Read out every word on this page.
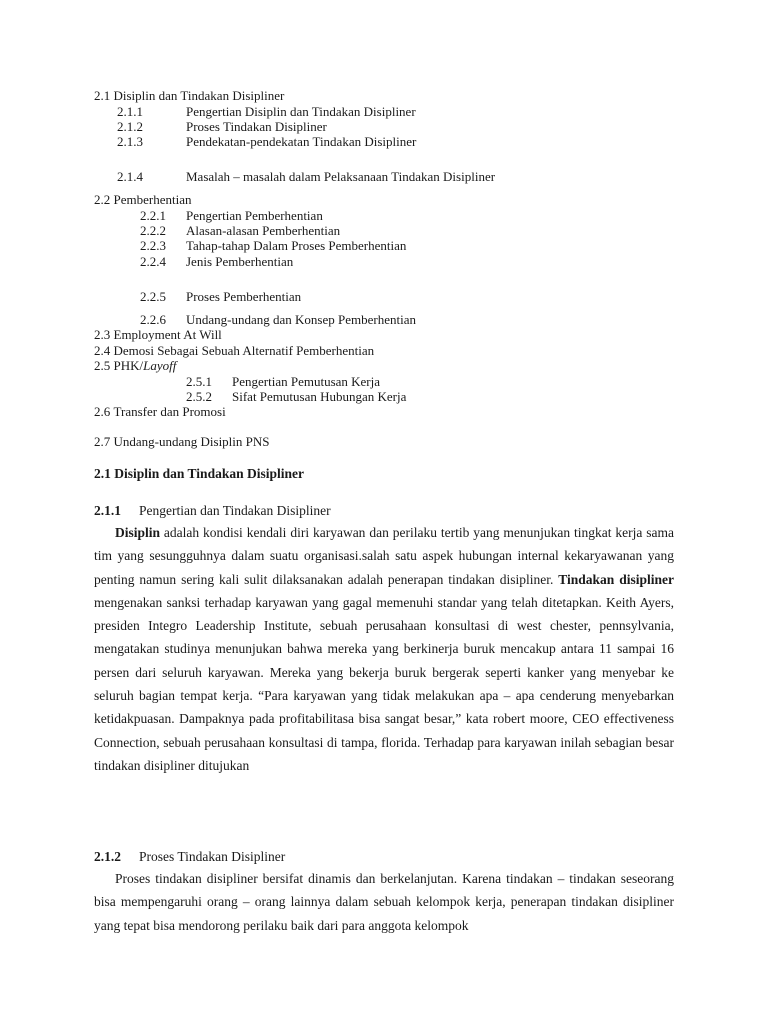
2.1 Disiplin dan Tindakan Disipliner
2.1.1	Pengertian Disiplin dan Tindakan Disipliner
2.1.2	Proses Tindakan Disipliner
2.1.3	Pendekatan-pendekatan Tindakan Disipliner
2.1.4	Masalah – masalah dalam Pelaksanaan Tindakan Disipliner
2.2 Pemberhentian
2.2.1 Pengertian Pemberhentian
2.2.2 Alasan-alasan Pemberhentian
2.2.3 Tahap-tahap Dalam Proses Pemberhentian
2.2.4 Jenis Pemberhentian
2.2.5 Proses Pemberhentian
2.2.6 Undang-undang dan Konsep Pemberhentian
2.3 Employment At Will
2.4 Demosi Sebagai Sebuah Alternatif Pemberhentian
2.5 PHK/Layoff
2.5.1 Pengertian Pemutusan Kerja
2.5.2 Sifat Pemutusan Hubungan Kerja
2.6 Transfer dan Promosi
2.7 Undang-undang Disiplin PNS
2.1 Disiplin dan Tindakan Disipliner
2.1.1 Pengertian dan Tindakan Disipliner

Disiplin adalah kondisi kendali diri karyawan dan perilaku tertib yang menunjukan tingkat kerja sama tim yang sesungguhnya dalam suatu organisasi.salah satu aspek hubungan internal kekaryawanan yang penting namun sering kali sulit dilaksanakan adalah penerapan tindakan disipliner. Tindakan disipliner mengenakan sanksi terhadap karyawan yang gagal memenuhi standar yang telah ditetapkan. Keith Ayers, presiden Integro Leadership Institute, sebuah perusahaan konsultasi di west chester, pennsylvania, mengatakan studinya menunjukan bahwa mereka yang berkinerja buruk mencakup antara 11 sampai 16 persen dari seluruh karyawan. Mereka yang bekerja buruk bergerak seperti kanker yang menyebar ke seluruh bagian tempat kerja. “Para karyawan yang tidak melakukan apa – apa cenderung menyebarkan ketidakpuasan. Dampaknya pada profitabilitasa bisa sangat besar,” kata robert moore, CEO effectiveness Connection, sebuah perusahaan konsultasi di tampa, florida. Terhadap para karyawan inilah sebagian besar tindakan disipliner ditujukan

2.1.2 Proses Tindakan Disipliner

Proses tindakan disipliner bersifat dinamis dan berkelanjutan. Karena tindakan – tindakan seseorang bisa mempengaruhi orang – orang lainnya dalam sebuah kelompok kerja, penerapan tindakan disipliner yang tepat bisa mendorong perilaku baik dari para anggota kelompok
